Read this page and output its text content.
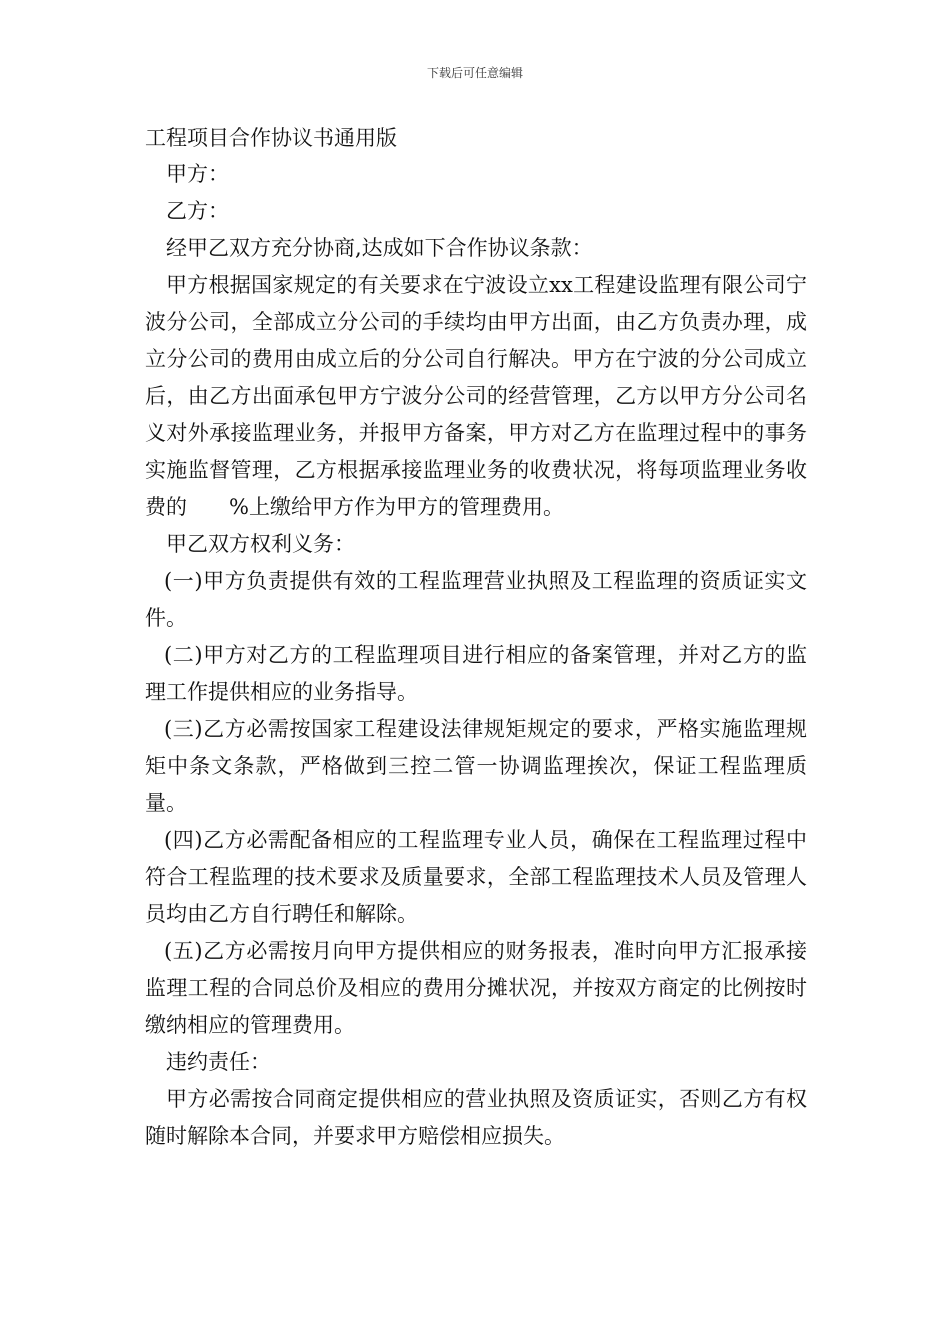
下载后可任意编辑
工程项目合作协议书通用版

甲方：

乙方：

经甲乙双方充分协商,达成如下合作协议条款：

甲方根据国家规定的有关要求在宁波设立xx工程建设监理有限公司宁波分公司，全部成立分公司的手续均由甲方出面，由乙方负责办理，成立分公司的费用由成立后的分公司自行解决。甲方在宁波的分公司成立后，由乙方出面承包甲方宁波分公司的经营管理，乙方以甲方分公司名义对外承接监理业务，并报甲方备案，甲方对乙方在监理过程中的事务实施监督管理，乙方根据承接监理业务的收费状况，将每项监理业务收费的　　%上缴给甲方作为甲方的管理费用。

甲乙双方权利义务：

(一)甲方负责提供有效的工程监理营业执照及工程监理的资质证实文件。

(二)甲方对乙方的工程监理项目进行相应的备案管理，并对乙方的监理工作提供相应的业务指导。

(三)乙方必需按国家工程建设法律规矩规定的要求，严格实施监理规矩中条文条款，严格做到三控二管一协调监理挨次，保证工程监理质量。

(四)乙方必需配备相应的工程监理专业人员，确保在工程监理过程中符合工程监理的技术要求及质量要求，全部工程监理技术人员及管理人员均由乙方自行聘任和解除。

(五)乙方必需按月向甲方提供相应的财务报表，准时向甲方汇报承接监理工程的合同总价及相应的费用分摊状况，并按双方商定的比例按时缴纳相应的管理费用。

违约责任：

甲方必需按合同商定提供相应的营业执照及资质证实，否则乙方有权随时解除本合同，并要求甲方赔偿相应损失。
